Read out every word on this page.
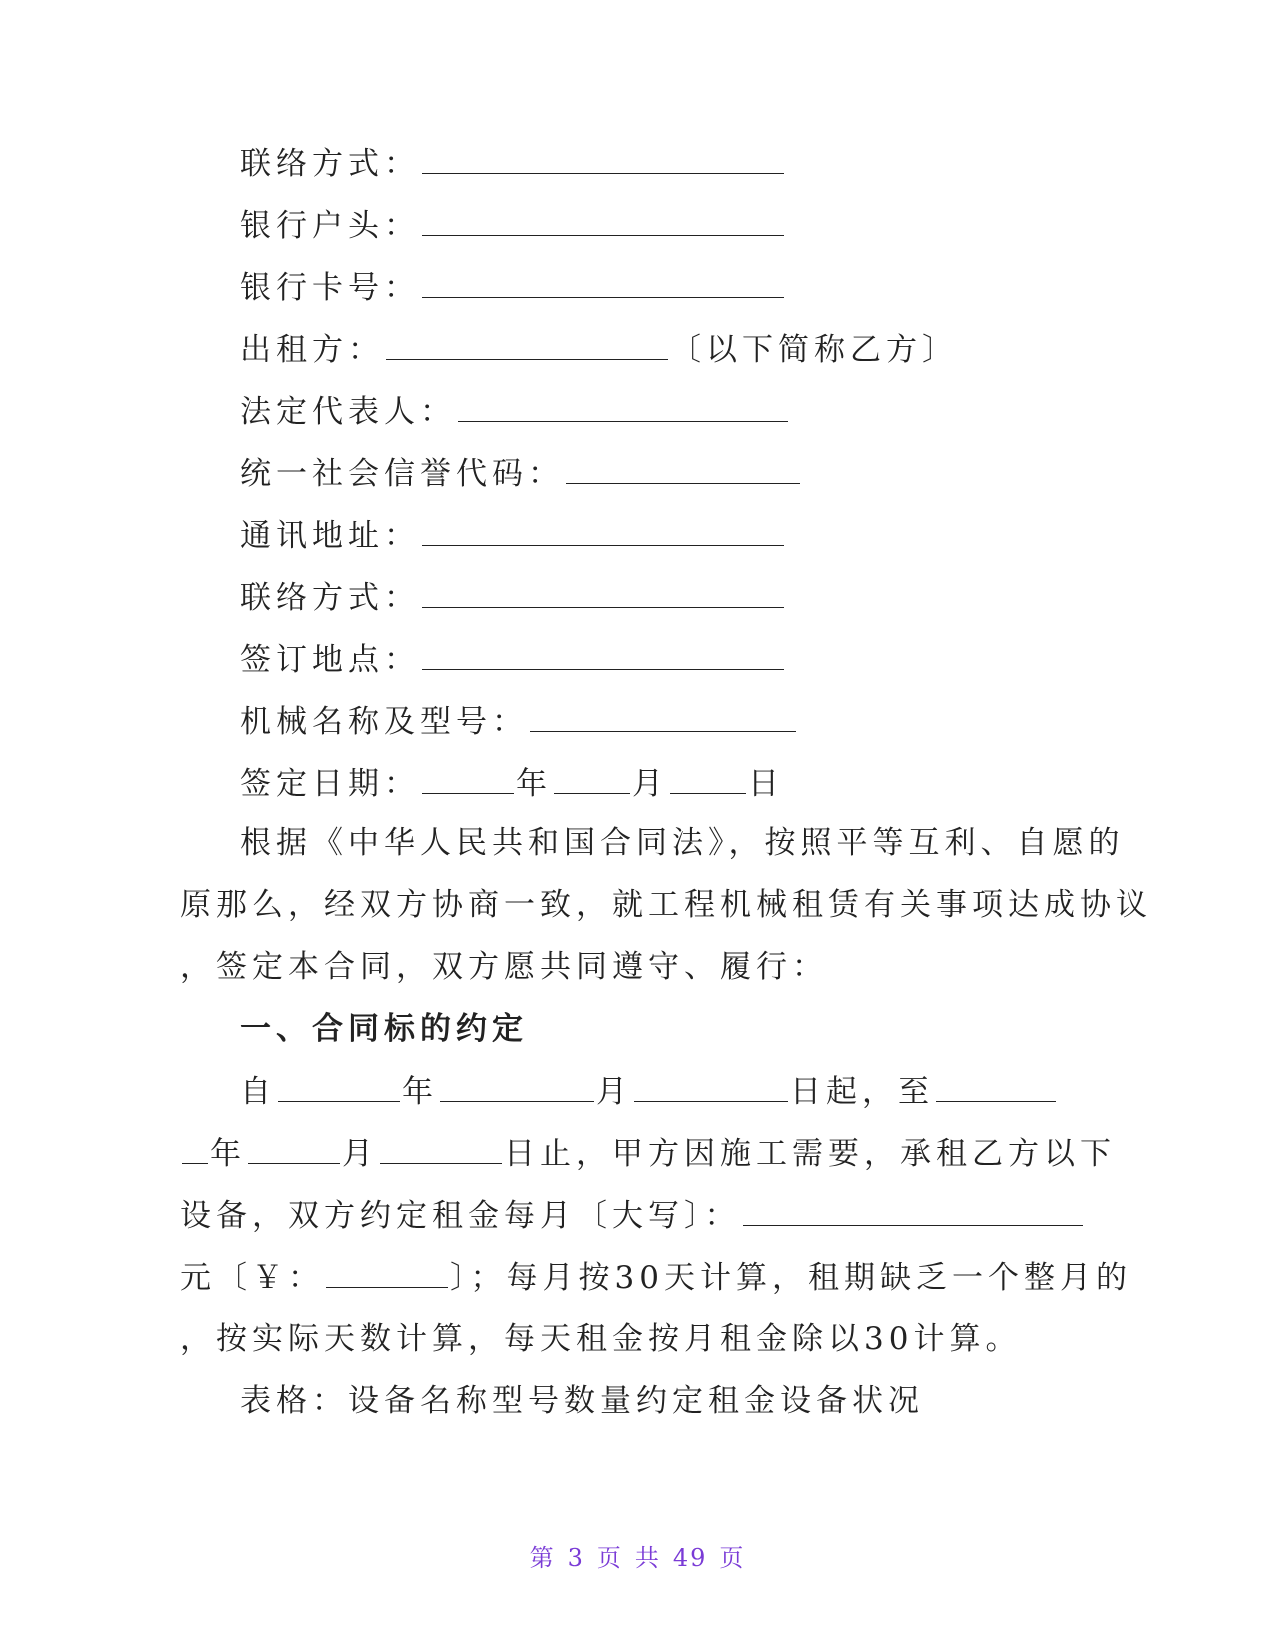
联络方式：
银行户头：
银行卡号：
出租方：	〔以下简称乙方〕
法定代表人：
统一社会信誉代码：
通讯地址：
联络方式：
签订地点：
机械名称及型号：
签定日期：	年	月	日
根据《中华人民共和国合同法》，按照平等互利、自愿的
原那么，经双方协商一致，就工程机械租赁有关事项达成协议
，签定本合同，双方愿共同遵守、履行：
一、合同标的约定
自	年	月	日起，至
年	月	日止，甲方因施工需要，承租乙方以下
设备，双方约定租金每月〔大写〕：
元〔￥：	〕；每月按30天计算，租期缺乏一个整月的
，按实际天数计算，每天租金按月租金除以30计算。
表格：设备名称型号数量约定租金设备状况
第 3 页 共 49 页
